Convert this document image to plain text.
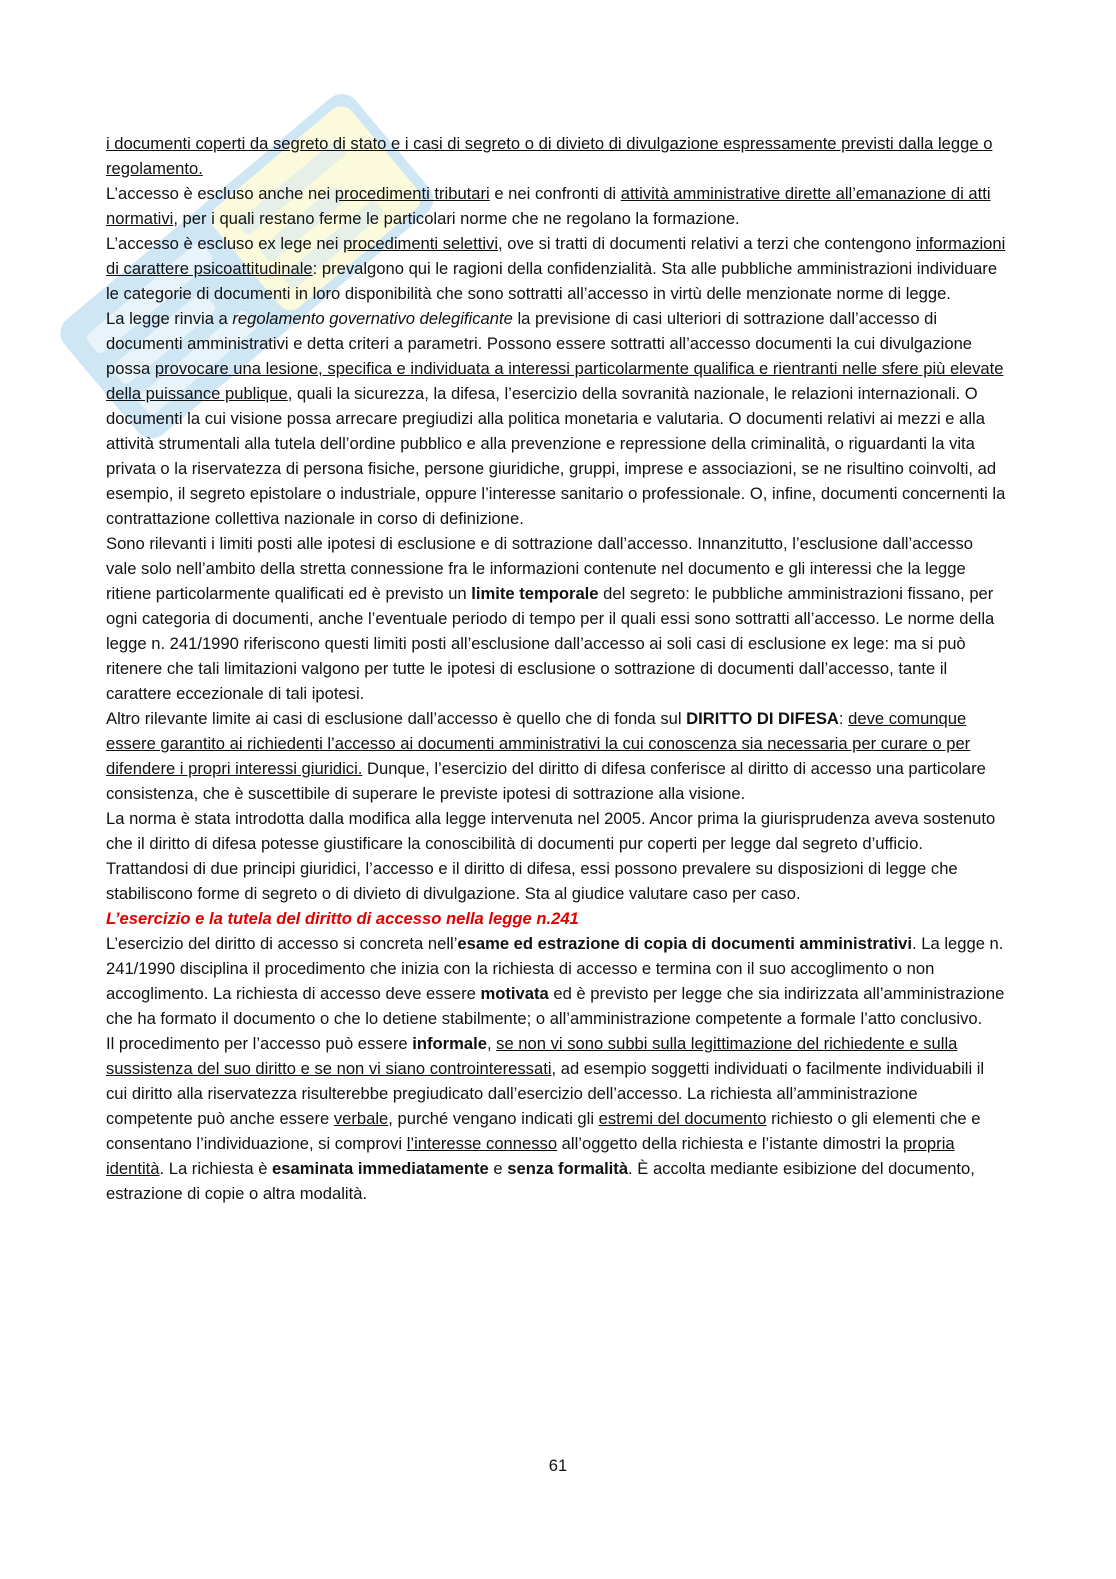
i documenti coperti da segreto di stato e i casi di segreto o di divieto di divulgazione espressamente previsti dalla legge o regolamento.

L’accesso è escluso anche nei procedimenti tributari e nei confronti di attività amministrative dirette all’emanazione di atti normativi, per i quali restano ferme le particolari norme che ne regolano la formazione.

L’accesso è escluso ex lege nei procedimenti selettivi, ove si tratti di documenti relativi a terzi che contengono informazioni di carattere psicoattitudinale: prevalgono qui le ragioni della confidenzialità. Sta alle pubbliche amministrazioni individuare le categorie di documenti in loro disponibilità che sono sottratti all’accesso in virtù delle menzionate norme di legge.

La legge rinvia a regolamento governativo delegificante la previsione di casi ulteriori di sottrazione dall’accesso di documenti amministrativi e detta criteri a parametri. Possono essere sottratti all’accesso documenti la cui divulgazione possa provocare una lesione, specifica e individuata a interessi particolarmente qualifica e rientranti nelle sfere più elevate della puissance publique, quali la sicurezza, la difesa, l’esercizio della sovranità nazionale, le relazioni internazionali. O documenti la cui visione possa arrecare pregiudizi alla politica monetaria e valutaria. O documenti relativi ai mezzi e alla attività strumentali alla tutela dell’ordine pubblico e alla prevenzione e repressione della criminalità, o riguardanti la vita privata o la riservatezza di persona fisiche, persone giuridiche, gruppi, imprese e associazioni, se ne risultino coinvolti, ad esempio, il segreto epistolare o industriale, oppure l’interesse sanitario o professionale. O, infine, documenti concernenti la contrattazione collettiva nazionale in corso di definizione.

Sono rilevanti i limiti posti alle ipotesi di esclusione e di sottrazione dall’accesso. Innanzitutto, l’esclusione dall’accesso vale solo nell’ambito della stretta connessione fra le informazioni contenute nel documento e gli interessi che la legge ritiene particolarmente qualificati ed è previsto un limite temporale del segreto: le pubbliche amministrazioni fissano, per ogni categoria di documenti, anche l’eventuale periodo di tempo per il quali essi sono sottratti all’accesso. Le norme della legge n. 241/1990 riferiscono questi limiti posti all’esclusione dall’accesso ai soli casi di esclusione ex lege: ma si può ritenere che tali limitazioni valgono per tutte le ipotesi di esclusione o sottrazione di documenti dall’accesso, tante il carattere eccezionale di tali ipotesi.

Altro rilevante limite ai casi di esclusione dall’accesso è quello che di fonda sul DIRITTO DI DIFESA: deve comunque essere garantito ai richiedenti l’accesso ai documenti amministrativi la cui conoscenza sia necessaria per curare o per difendere i propri interessi giuridici. Dunque, l’esercizio del diritto di difesa conferisce al diritto di accesso una particolare consistenza, che è suscettibile di superare le previste ipotesi di sottrazione alla visione.

La norma è stata introdotta dalla modifica alla legge intervenuta nel 2005. Ancor prima la giurisprudenza aveva sostenuto che il diritto di difesa potesse giustificare la conoscibilità di documenti pur coperti per legge dal segreto d’ufficio. Trattandosi di due principi giuridici, l’accesso e il diritto di difesa, essi possono prevalere su disposizioni di legge che stabiliscono forme di segreto o di divieto di divulgazione. Sta al giudice valutare caso per caso.

L’esercizio e la tutela del diritto di accesso nella legge n.241

L’esercizio del diritto di accesso si concreta nell’esame ed estrazione di copia di documenti amministrativi. La legge n. 241/1990 disciplina il procedimento che inizia con la richiesta di accesso e termina con il suo accoglimento o non accoglimento. La richiesta di accesso deve essere motivata ed è previsto per legge che sia indirizzata all’amministrazione che ha formato il documento o che lo detiene stabilmente; o all’amministrazione competente a formale l’atto conclusivo.

Il procedimento per l’accesso può essere informale, se non vi sono subbi sulla legittimazione del richiedente e sulla sussistenza del suo diritto e se non vi siano controinteressati, ad esempio soggetti individuati o facilmente individuabili il cui diritto alla riservatezza risulterebbe pregiudicato dall’esercizio dell’accesso. La richiesta all’amministrazione competente può anche essere verbale, purché vengano indicati gli estremi del documento richiesto o gli elementi che e consentano l’individuazione, si comprovi l’interesse connesso all’oggetto della richiesta e l’istante dimostri la propria identità. La richiesta è esaminata immediatamente e senza formalità. È accolta mediante esibizione del documento, estrazione di copie o altra modalità.

61
